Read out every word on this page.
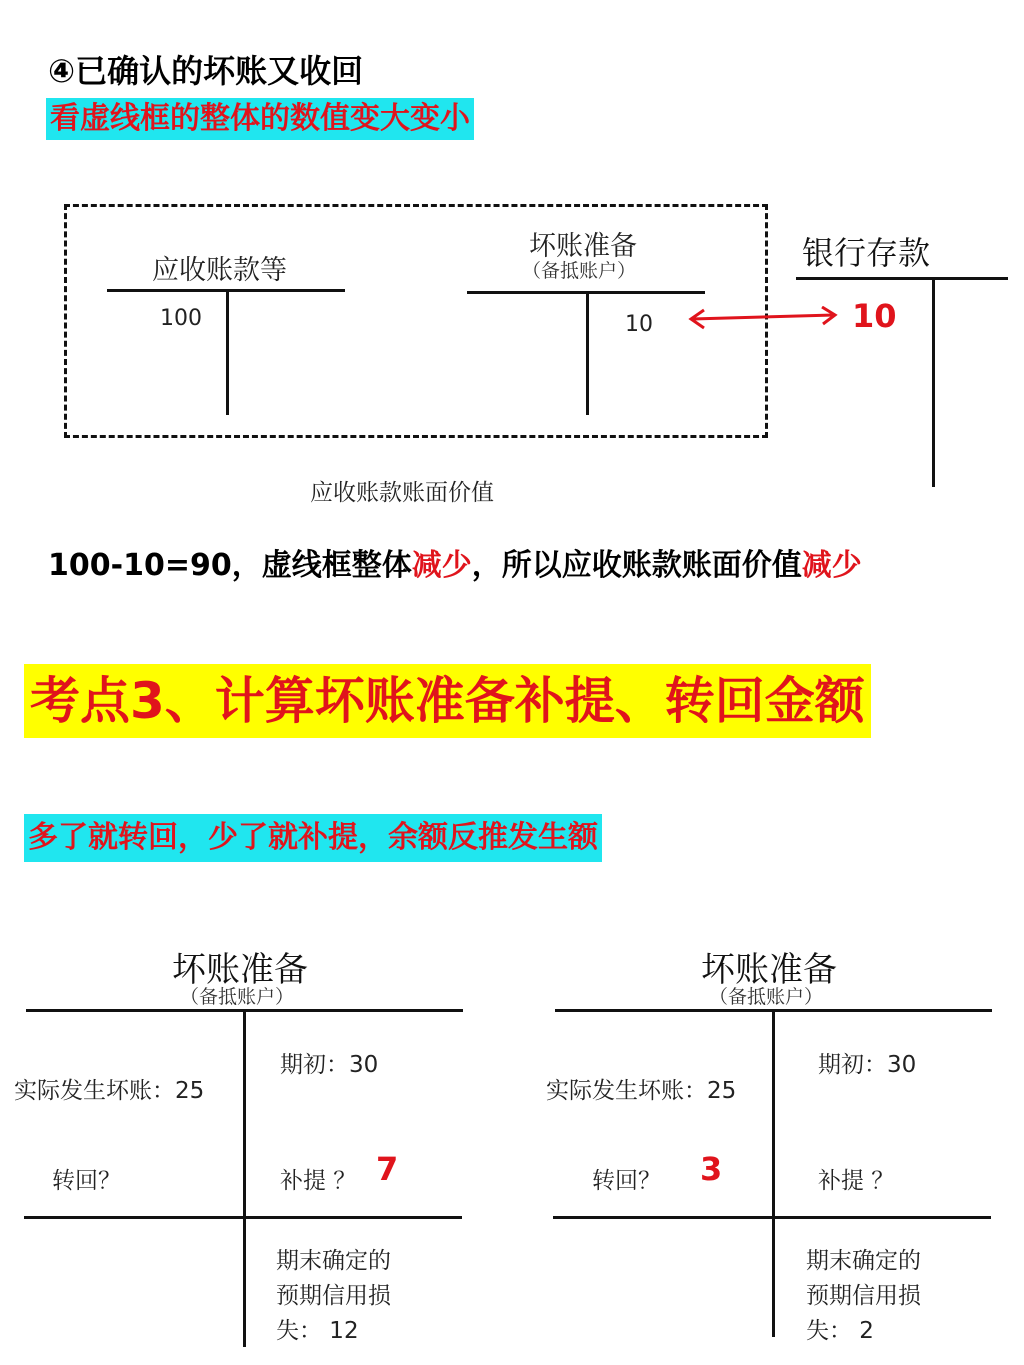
④已确认的坏账又收回
看虚线框的整体的数值变大变小
应收账款等
100
坏账准备
（备抵账户）
10
银行存款
10
应收账款账面价值
100-10=90，虚线框整体减少，所以应收账款账面价值减少
考点3、计算坏账准备补提、转回金额
多了就转回，少了就补提，余额反推发生额
坏账准备
（备抵账户）
实际发生坏账：25
转回？
期初：30
补提 ？ 7
期末确定的
预期信用损
失： 12
坏账准备
（备抵账户）
实际发生坏账：25
转回？ 3
期初：30
补提 ？
期末确定的
预期信用损
失： 2
